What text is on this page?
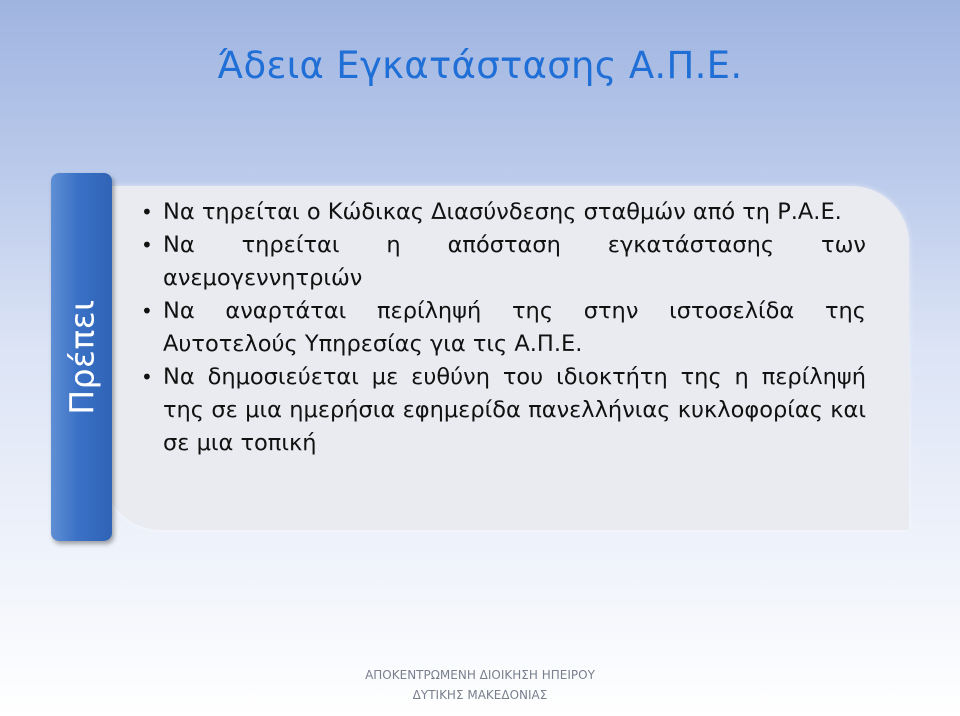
Άδεια Εγκατάστασης Α.Π.Ε.
Πρέπει
• Να τηρείται ο Κώδικας Διασύνδεσης σταθμών από τη Ρ.Α.Ε.
• Να τηρείται η απόσταση εγκατάστασης των ανεμογεννητριών
• Να αναρτάται περίληψή της στην ιστοσελίδα της Αυτοτελούς Υπηρεσίας για τις Α.Π.Ε.
• Να δημοσιεύεται με ευθύνη του ιδιοκτήτη της η περίληψή της σε μια ημερήσια εφημερίδα πανελλήνιας κυκλοφορίας και σε μια τοπική
ΑΠΟΚΕΝΤΡΩΜΕΝΗ ΔΙΟΙΚΗΣΗ ΗΠΕΙΡΟΥ
ΔΥΤΙΚΗΣ ΜΑΚΕΔΟΝΙΑΣ
